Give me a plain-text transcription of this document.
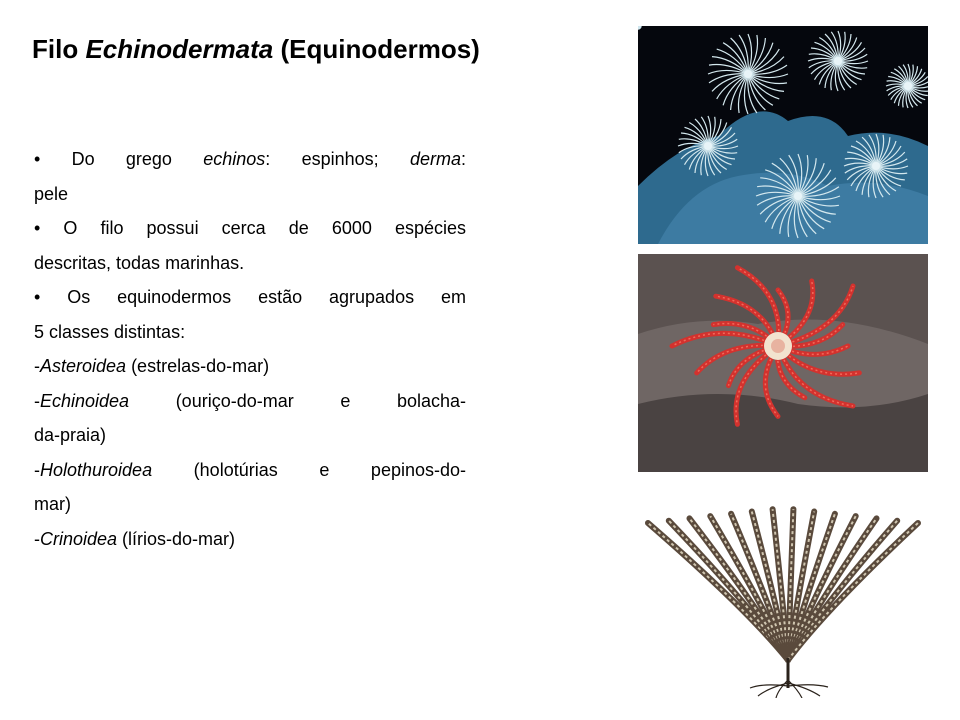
Filo Echinodermata (Equinodermos)
• Do grego echinos: espinhos; derma:
pele
• O filo possui cerca de 6000 espécies
descritas, todas marinhas.
• Os equinodermos estão agrupados em
5 classes distintas:
-Asteroidea (estrelas-do-mar)
-Echinoidea (ouriço-do-mar e bolacha-
da-praia)
-Holothuroidea (holotúrias e pepinos-do-
mar)
-Crinoidea (lírios-do-mar)
